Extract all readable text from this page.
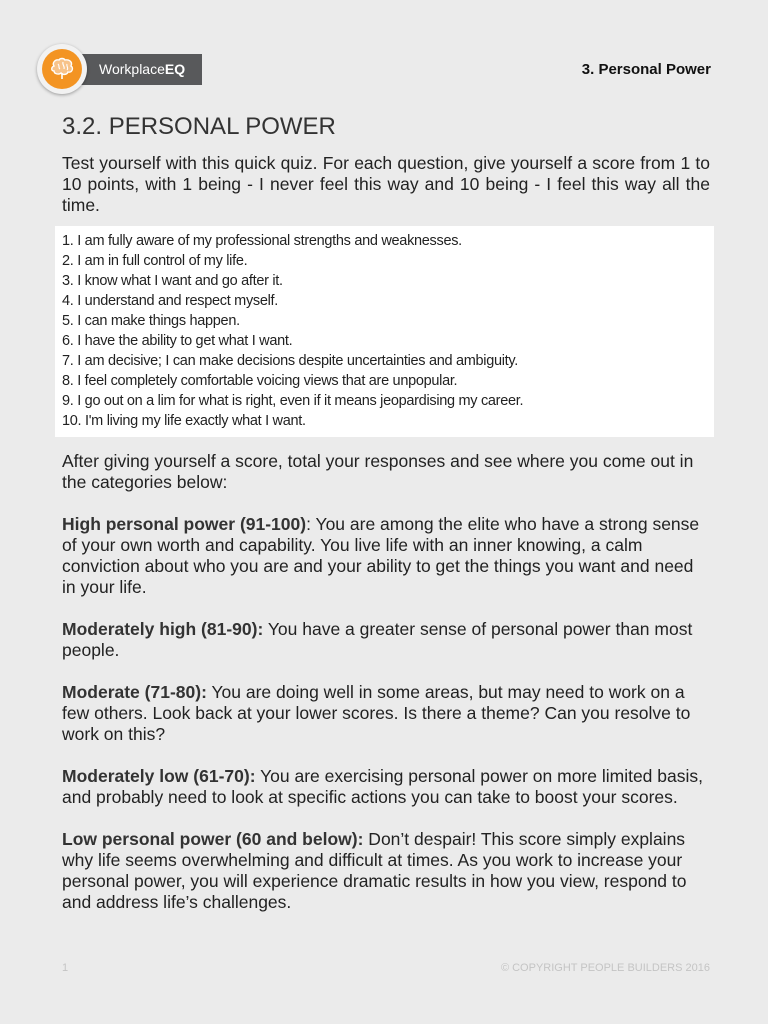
WorkplaceEQ	3. Personal Power
3.2. PERSONAL POWER

Test yourself with this quick quiz. For each question, give yourself a score from 1 to 10 points, with 1 being - I never feel this way and 10 being - I feel this way all the time.

1. I am fully aware of my professional strengths and weaknesses.
2. I am in full control of my life.
3. I know what I want and go after it.
4. I understand and respect myself.
5. I can make things happen.
6. I have the ability to get what I want.
7. I am decisive; I can make decisions despite uncertainties and ambiguity.
8. I feel completely comfortable voicing views that are unpopular.
9. I go out on a lim for what is right, even if it means jeopardising my career.
10. I'm living my life exactly what I want.

After giving yourself a score, total your responses and see where you come out in the categories below:

High personal power (91-100): You are among the elite who have a strong sense of your own worth and capability. You live life with an inner knowing, a calm conviction about who you are and your ability to get the things you want and need in your life.

Moderately high (81-90): You have a greater sense of personal power than most people.

Moderate (71-80): You are doing well in some areas, but may need to work on a few others. Look back at your lower scores. Is there a theme? Can you resolve to work on this?

Moderately low (61-70): You are exercising personal power on more limited basis, and probably need to look at specific actions you can take to boost your scores.

Low personal power (60 and below): Don’t despair! This score simply explains why life seems overwhelming and difficult at times. As you work to increase your personal power, you will experience dramatic results in how you view, respond to and address life’s challenges.

1	© COPYRIGHT PEOPLE BUILDERS 2016
